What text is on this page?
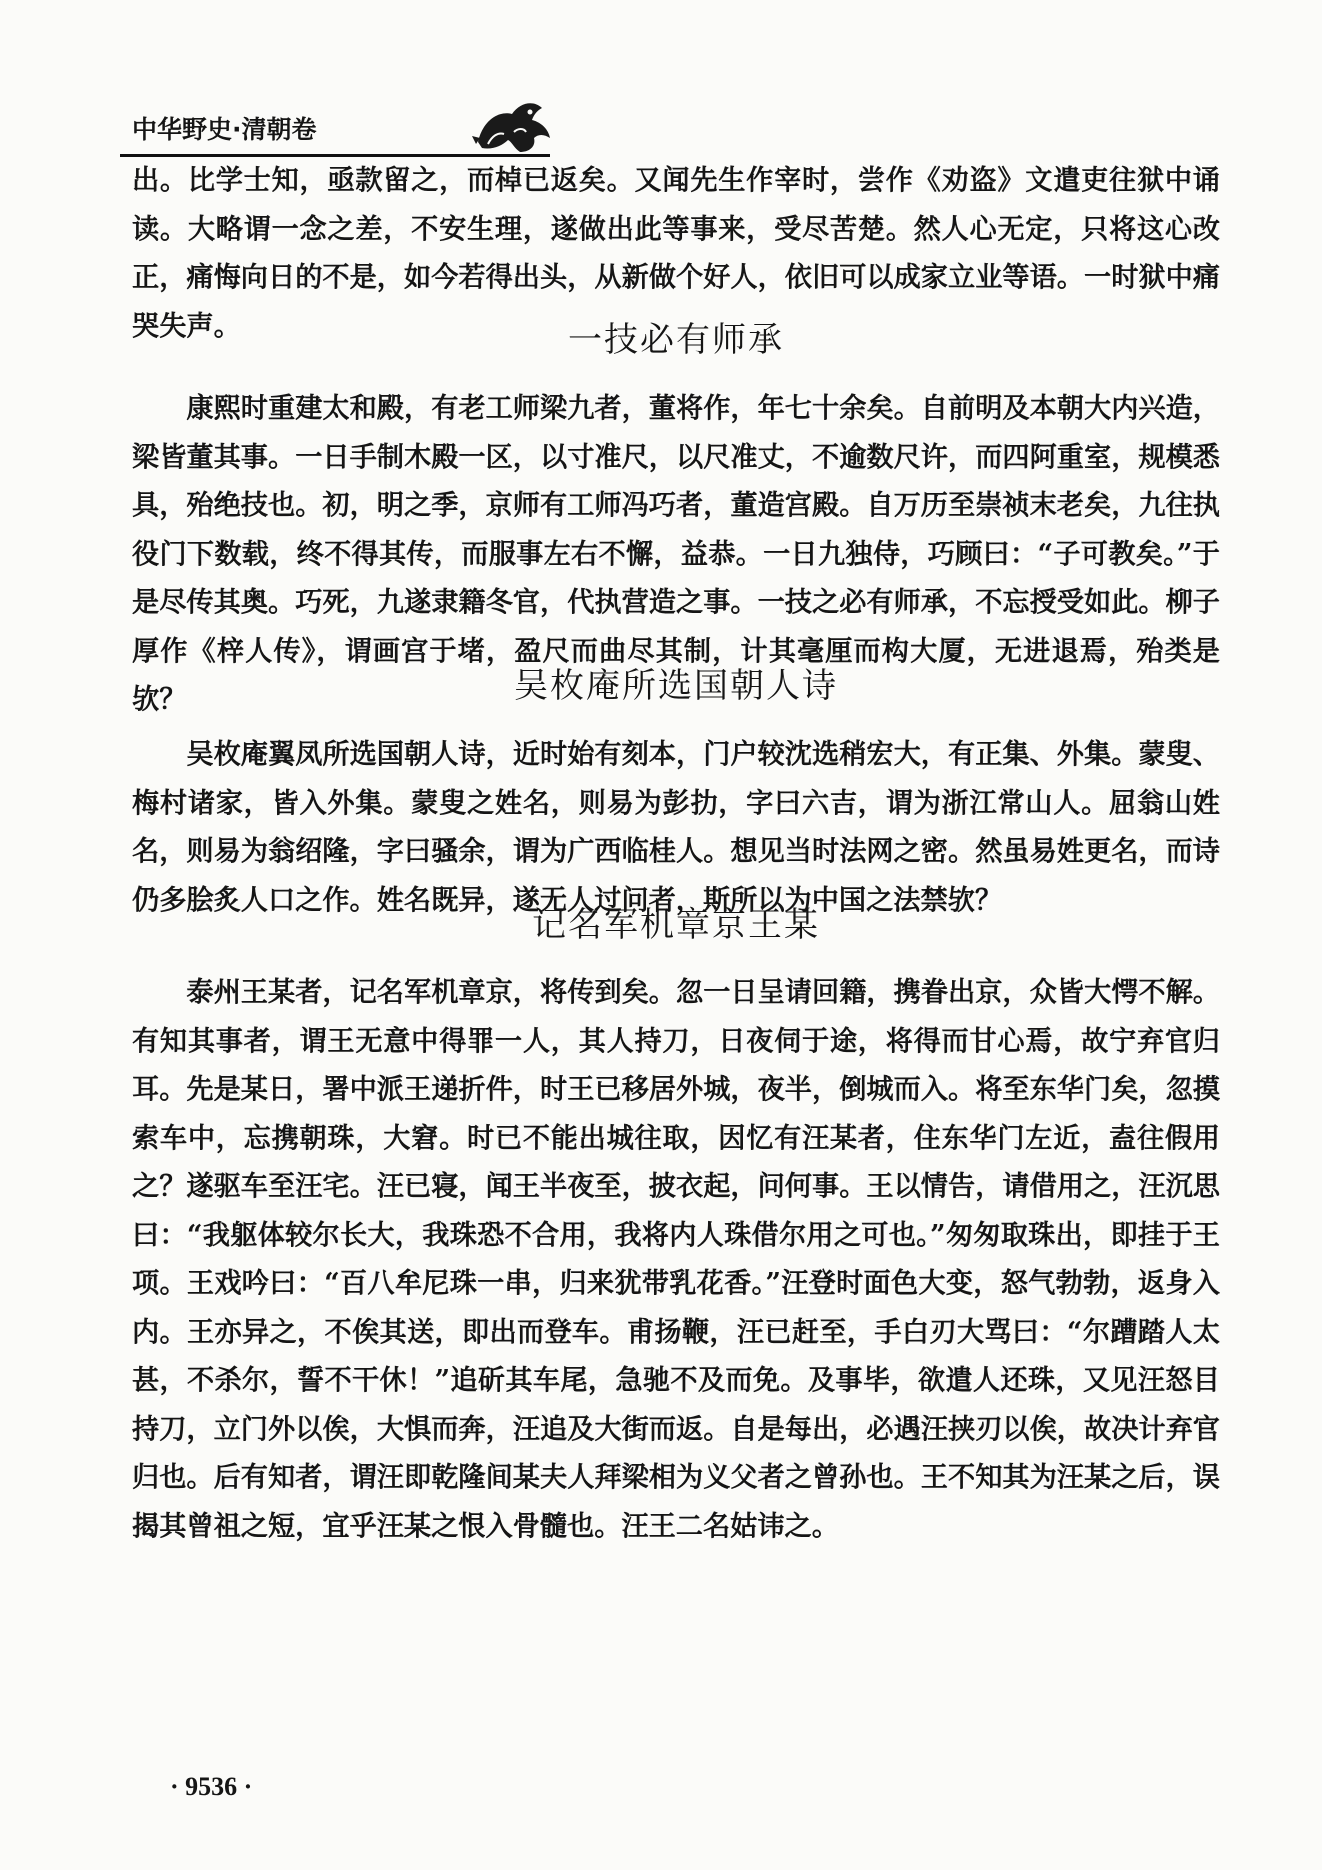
中华野史·清朝卷

出。比学士知，亟款留之，而棹已返矣。又闻先生作宰时，尝作《劝盗》文遣吏往狱中诵读。大略谓一念之差，不安生理，遂做出此等事来，受尽苦楚。然人心无定，只将这心改正，痛悔向日的不是，如今若得出头，从新做个好人，依旧可以成家立业等语。一时狱中痛哭失声。	一技必有师承

康熙时重建太和殿，有老工师梁九者，董将作，年七十余矣。自前明及本朝大内兴造，梁皆董其事。一日手制木殿一区，以寸准尺，以尺准丈，不逾数尺许，而四阿重室，规模悉具，殆绝技也。初，明之季，京师有工师冯巧者，董造宫殿。自万历至崇祯末老矣，九往执役门下数载，终不得其传，而服事左右不懈，益恭。一日九独侍，巧顾曰：“子可教矣。”于是尽传其奥。巧死，九遂隶籍冬官，代执营造之事。一技之必有师承，不忘授受如此。柳子厚作《梓人传》，谓画宫于堵，盈尺而曲尽其制，计其毫厘而构大厦，无进退焉，殆类是欤？	吴枚庵所选国朝人诗

吴枚庵翼凤所选国朝人诗，近时始有刻本，门户较沈选稍宏大，有正集、外集。蒙叟、梅村诸家，皆入外集。蒙叟之姓名，则易为彭扐，字曰六吉，谓为浙江常山人。屈翁山姓名，则易为翁绍隆，字曰骚余，谓为广西临桂人。想见当时法网之密。然虽易姓更名，而诗仍多脍炙人口之作。姓名既异，遂无人过问者，斯所以为中国之法禁欤？

记名军机章京王某

泰州王某者，记名军机章京，将传到矣。忽一日呈请回籍，携眷出京，众皆大愕不解。有知其事者，谓王无意中得罪一人，其人持刀，日夜伺于途，将得而甘心焉，故宁弃官归耳。先是某日，署中派王递折件，时王已移居外城，夜半，倒城而入。将至东华门矣，忽摸索车中，忘携朝珠，大窘。时已不能出城往取，因忆有汪某者，住东华门左近，盍往假用之？遂驱车至汪宅。汪已寝，闻王半夜至，披衣起，问何事。王以情告，请借用之，汪沉思曰：“我躯体较尔长大，我珠恐不合用，我将内人珠借尔用之可也。”匆匆取珠出，即挂于王项。王戏吟曰：“百八牟尼珠一串，归来犹带乳花香。”汪登时面色大变，怒气勃勃，返身入内。王亦异之，不俟其送，即出而登车。甫扬鞭，汪已赶至，手白刃大骂曰：“尔蹧踏人太甚，不杀尔，誓不干休！”追斫其车尾，急驰不及而免。及事毕，欲遣人还珠，又见汪怒目持刀，立门外以俟，大惧而奔，汪追及大街而返。自是每出，必遇汪挟刃以俟，故决计弃官归也。后有知者，谓汪即乾隆间某夫人拜梁相为义父者之曾孙也。王不知其为汪某之后，误揭其曾祖之短，宜乎汪某之恨入骨髓也。汪王二名姑讳之。

· 9536 ·
